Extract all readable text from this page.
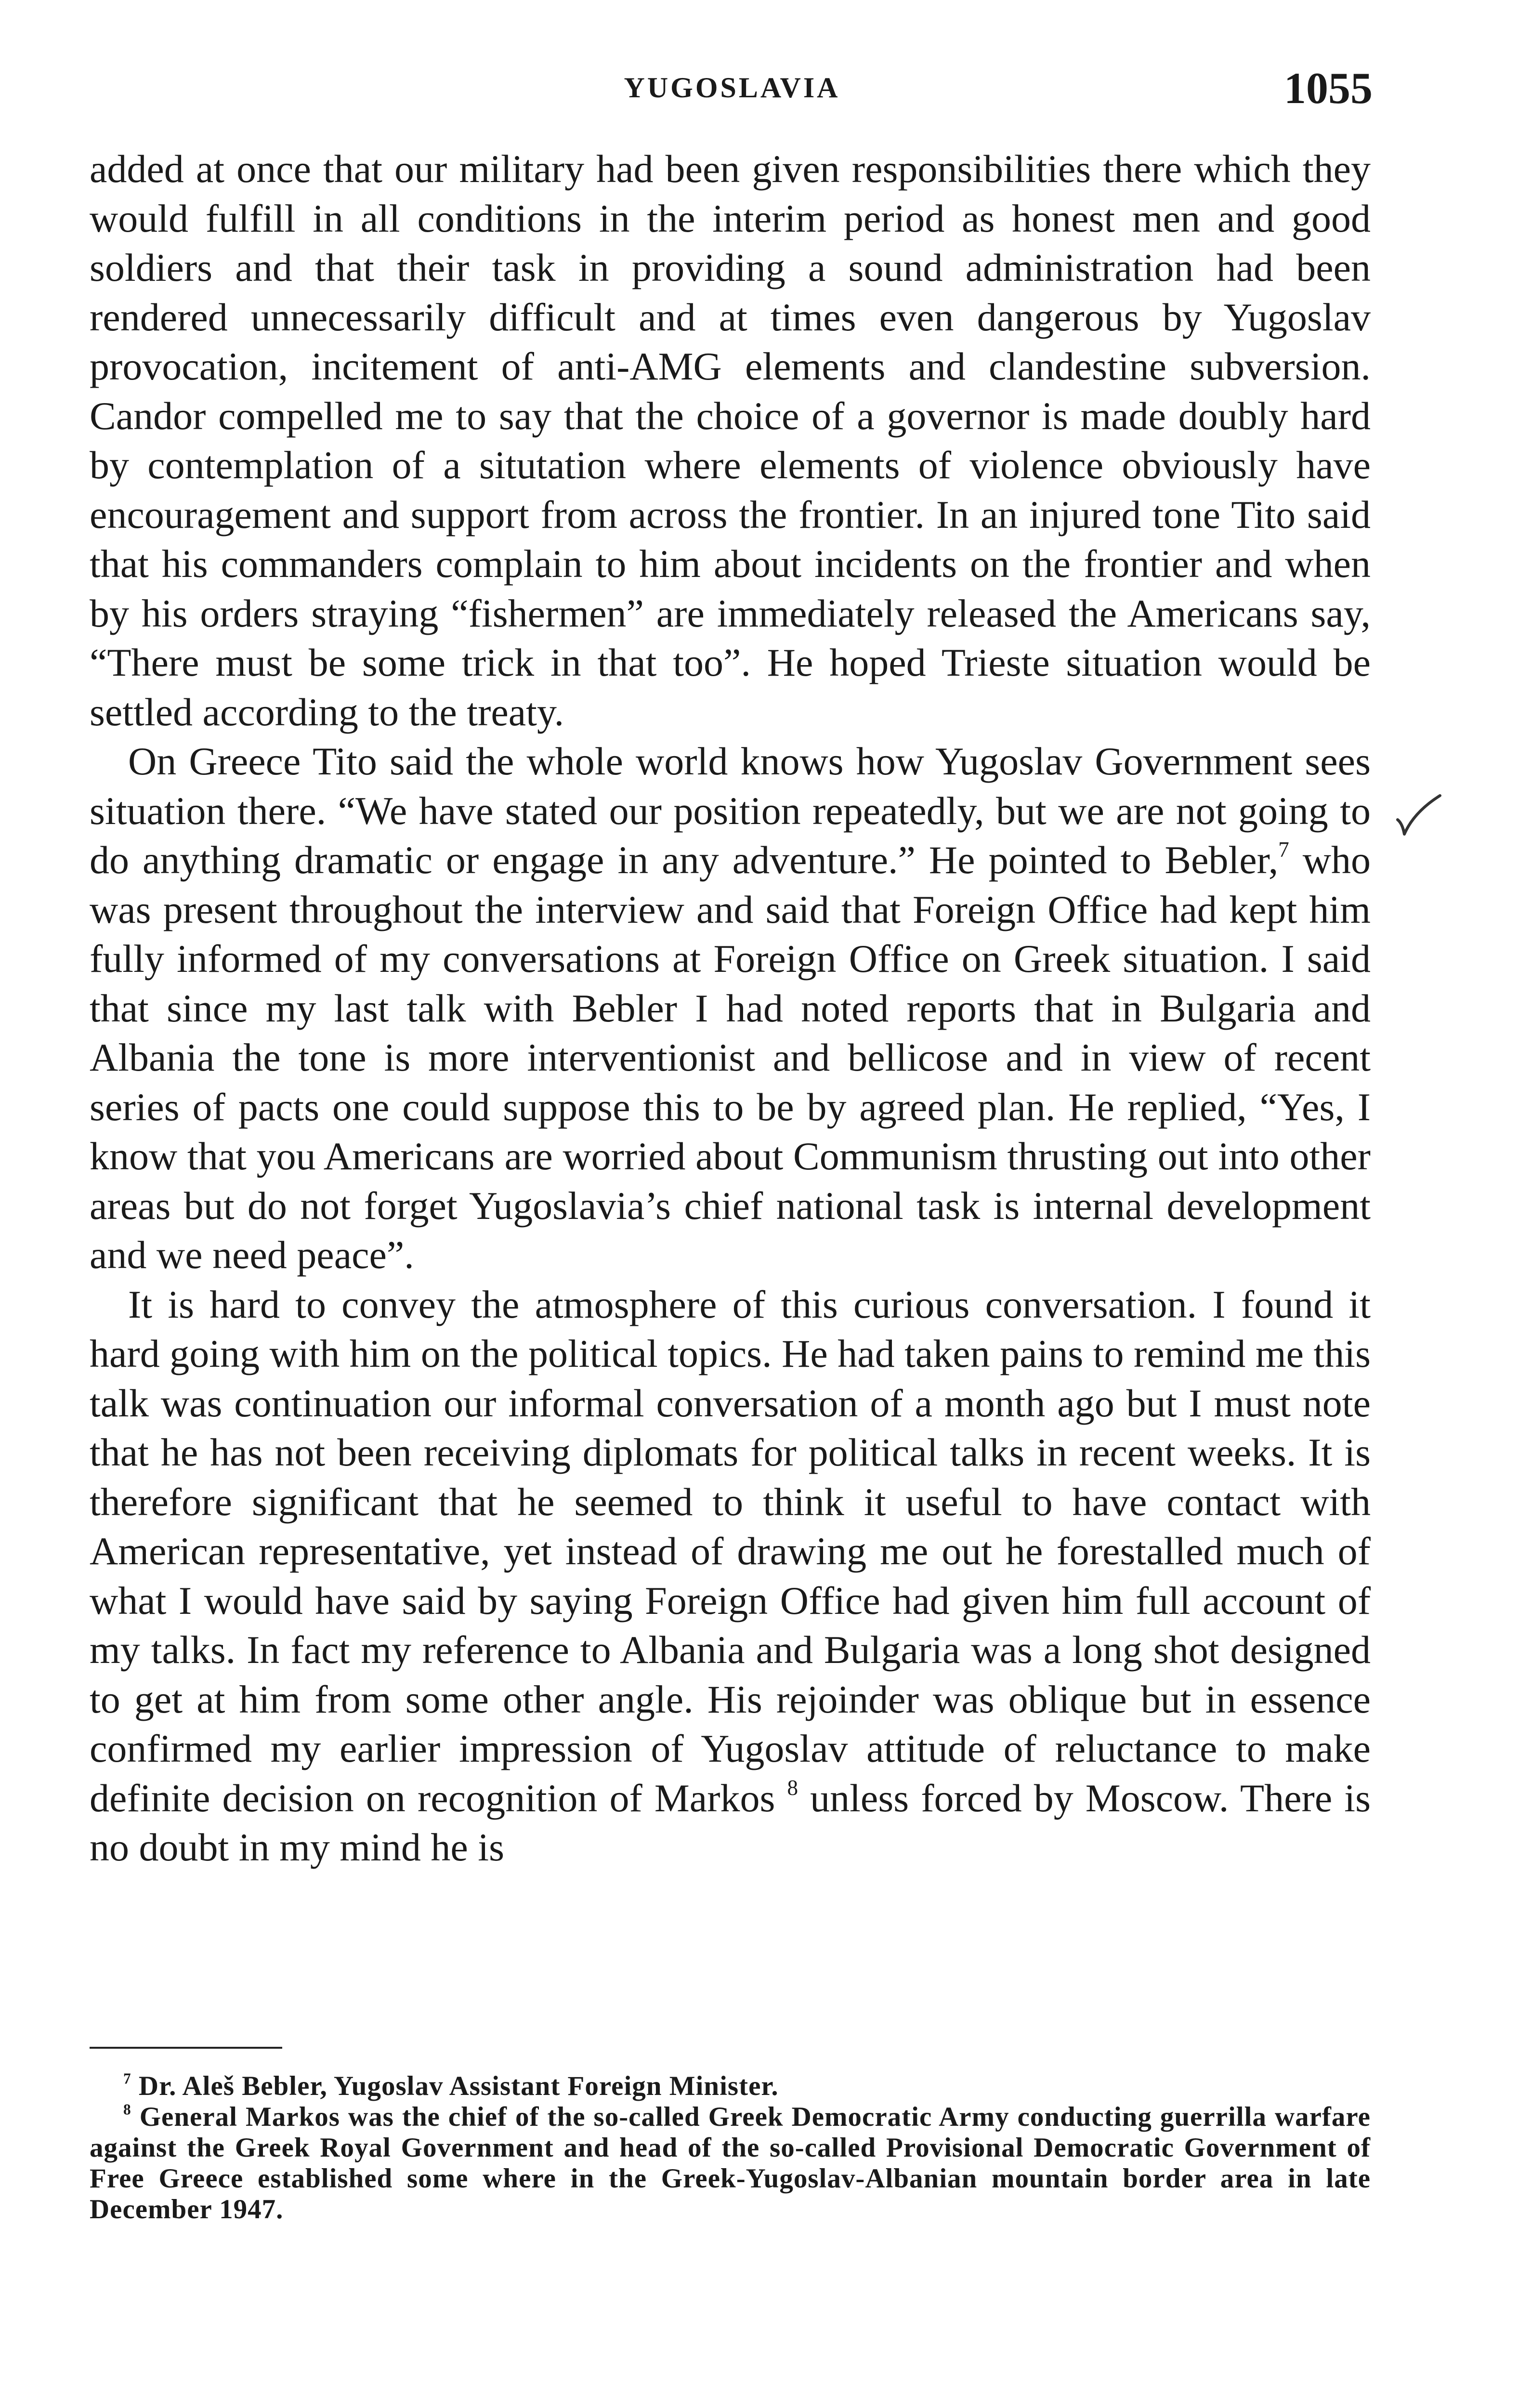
YUGOSLAVIA	1055

added at once that our military had been given responsibilities there which they would fulfill in all conditions in the interim period as honest men and good soldiers and that their task in providing a sound administration had been rendered unnecessarily difficult and at times even dangerous by Yugoslav provocation, incitement of anti-AMG elements and clandestine subversion. Candor compelled me to say that the choice of a governor is made doubly hard by contemplation of a situtation where elements of violence obviously have encouragement and support from across the frontier. In an injured tone Tito said that his commanders complain to him about incidents on the frontier and when by his orders straying “fishermen” are immediately released the Americans say, “There must be some trick in that too”. He hoped Trieste situation would be settled according to the treaty.

On Greece Tito said the whole world knows how Yugoslav Government sees situation there. “We have stated our position repeatedly, but we are not going to do anything dramatic or engage in any adventure.” He pointed to Bebler,$^7$ who was present throughout the interview and said that Foreign Office had kept him fully informed of my conversations at Foreign Office on Greek situation. I said that since my last talk with Bebler I had noted reports that in Bulgaria and Albania the tone is more interventionist and bellicose and in view of recent series of pacts one could suppose this to be by agreed plan. He replied, “Yes, I know that you Americans are worried about Communism thrusting out into other areas but do not forget Yugoslavia’s chief national task is internal development and we need peace”.

It is hard to convey the atmosphere of this curious conversation. I found it hard going with him on the political topics. He had taken pains to remind me this talk was continuation our informal conversation of a month ago but I must note that he has not been receiving diplomats for political talks in recent weeks. It is therefore significant that he seemed to think it useful to have contact with American representative, yet instead of drawing me out he forestalled much of what I would have said by saying Foreign Office had given him full account of my talks. In fact my reference to Albania and Bulgaria was a long shot designed to get at him from some other angle. His rejoinder was oblique but in essence confirmed my earlier impression of Yugoslav attitude of reluctance to make definite decision on recognition of Markos $^8$ unless forced by Moscow. There is no doubt in my mind he is

$^7$ Dr. Aleš Bebler, Yugoslav Assistant Foreign Minister.

$^8$ General Markos was the chief of the so-called Greek Democratic Army conducting guerrilla warfare against the Greek Royal Government and head of the so-called Provisional Democratic Government of Free Greece established some where in the Greek-Yugoslav-Albanian mountain border area in late December 1947.
